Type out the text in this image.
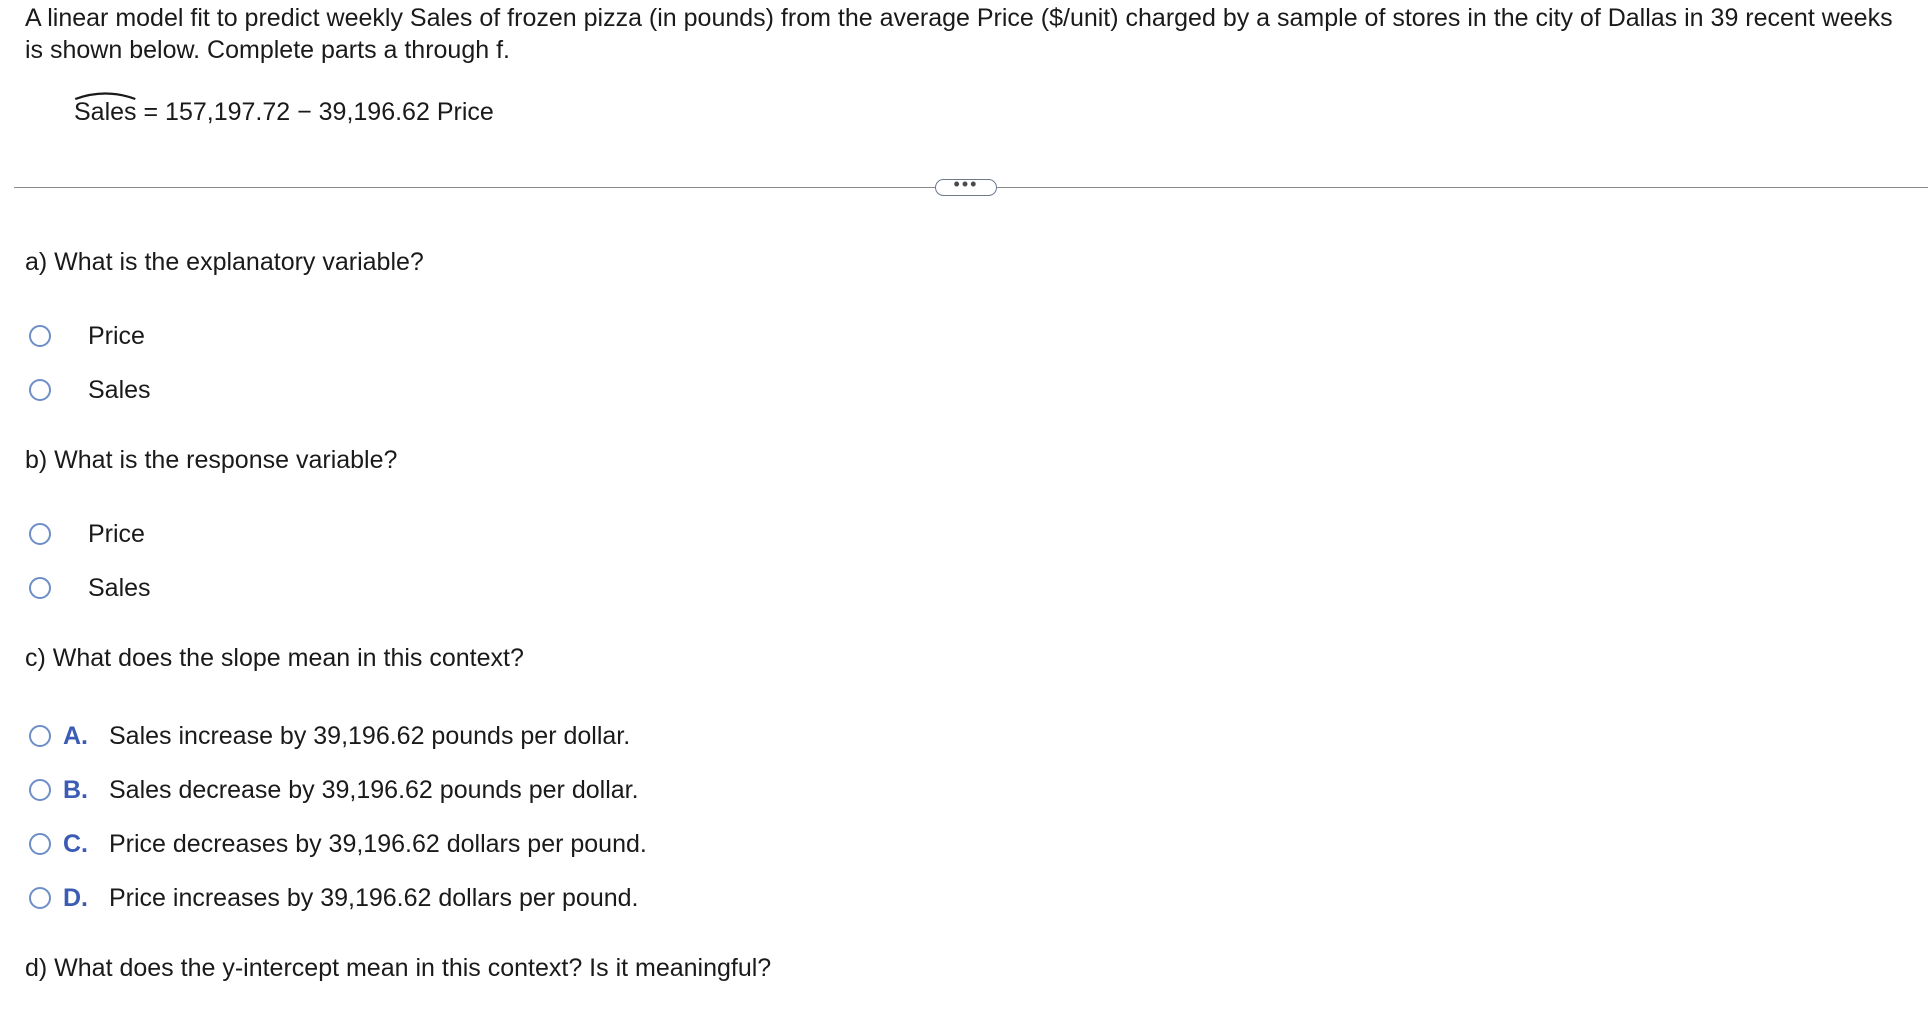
A linear model fit to predict weekly Sales of frozen pizza (in pounds) from the average Price ($/unit) charged by a sample of stores in the city of Dallas in 39 recent weeks is shown below. Complete parts a through f.
Sales = 157,197.72 − 39,196.62 Price
•••
a) What is the explanatory variable?
Price
Sales
b) What is the response variable?
Price
Sales
c) What does the slope mean in this context?
A. Sales increase by 39,196.62 pounds per dollar.
B. Sales decrease by 39,196.62 pounds per dollar.
C. Price decreases by 39,196.62 dollars per pound.
D. Price increases by 39,196.62 dollars per pound.
d) What does the y-intercept mean in this context? Is it meaningful?
